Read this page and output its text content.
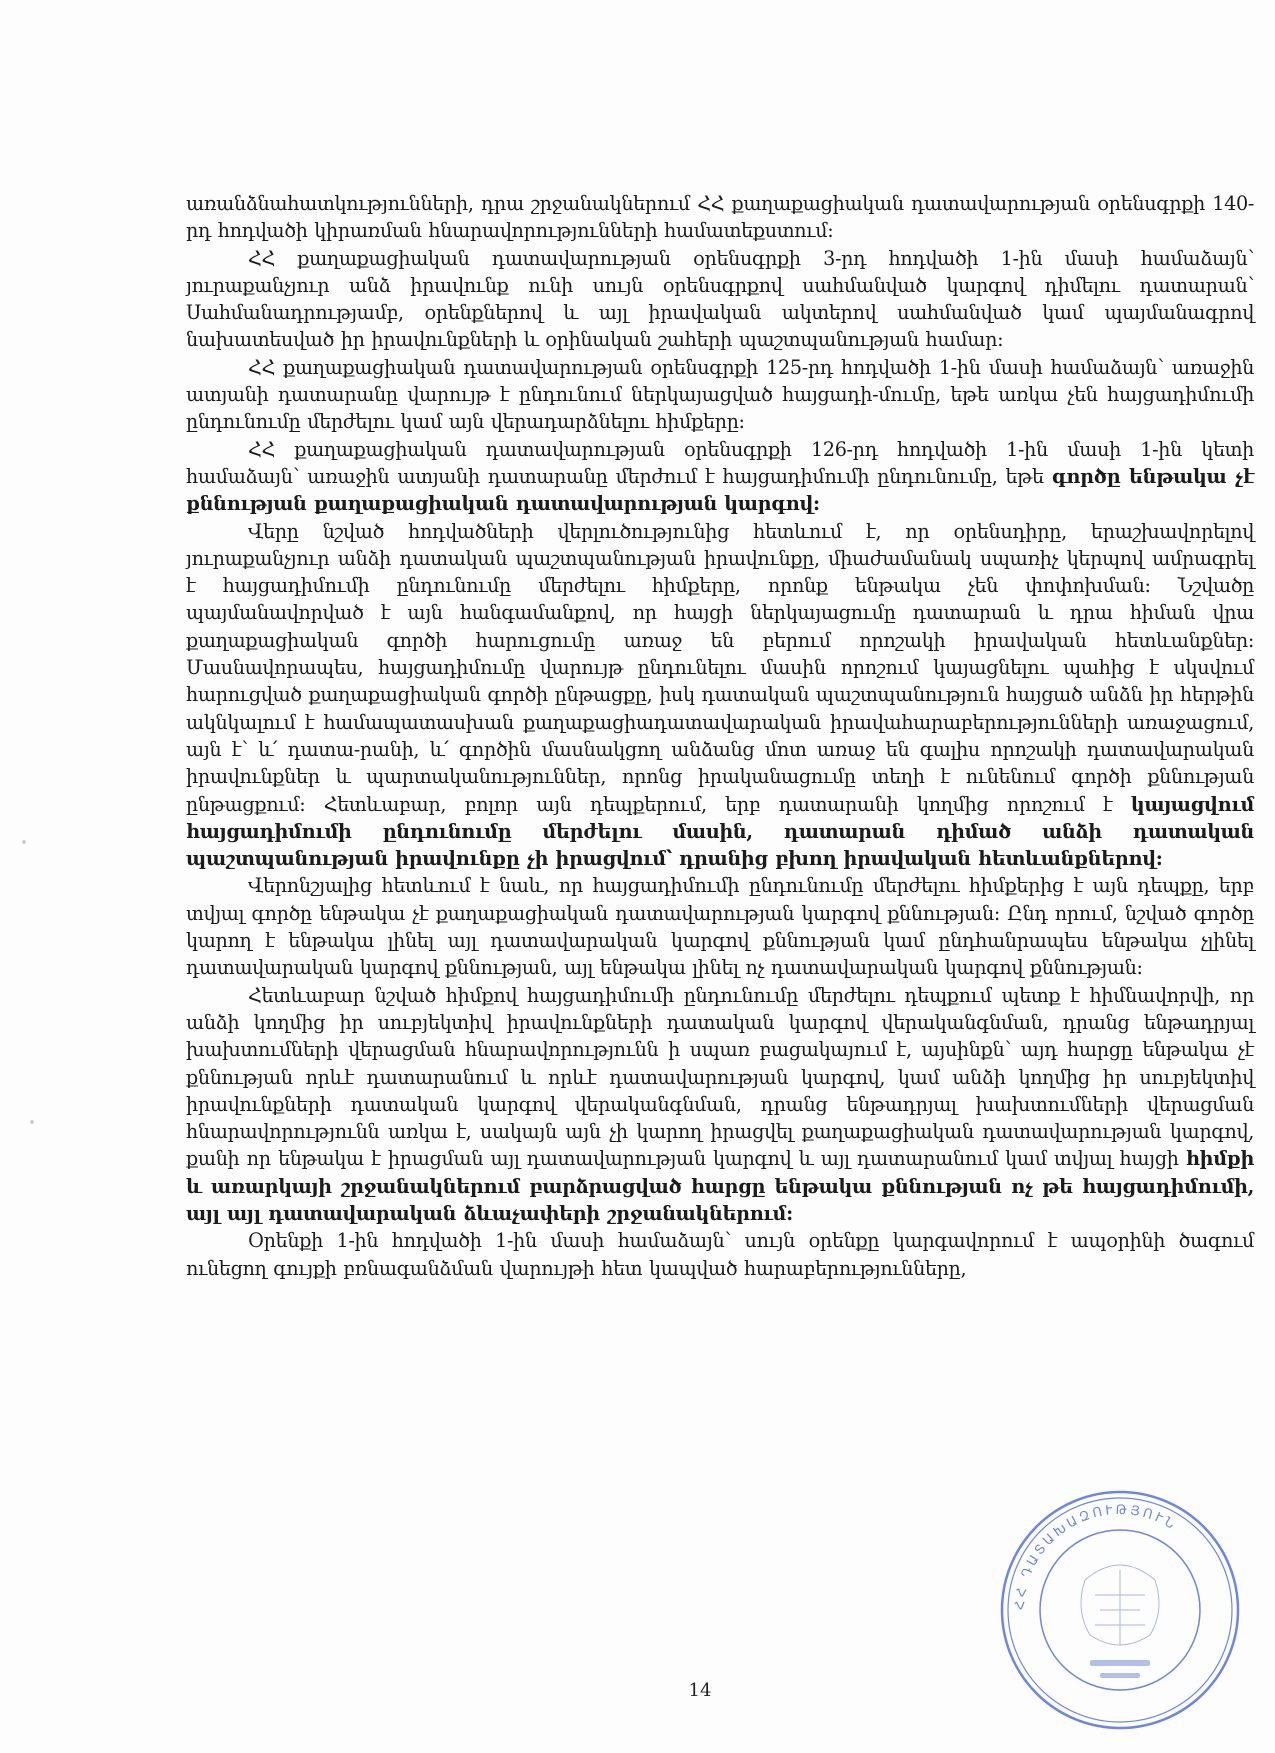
առանձնահատկությունների, դրա շրջանակներում ՀՀ քաղաքացիական դատավարության օրենսգրքի 140-րդ հոդվածի կիրառման հնարավորությունների համատեքստում:

ՀՀ քաղաքացիական դատավարության օրենսգրքի 3-րդ հոդվածի 1-ին մասի համաձայն՝ յուրաքանչյուր անձ իրավունք ունի սույն օրենսգրքով սահմանված կարգով դիմելու դատարան՝ Սահմանադրությամբ, օրենքներով և այլ իրավական ակտերով սահմանված կամ պայմանագրով նախատեսված իր իրավունքների և օրինական շահերի պաշտպանության համար:

ՀՀ քաղաքացիական դատավարության օրենսգրքի 125-րդ հոդվածի 1-ին մասի համաձայն՝ առաջին ատյանի դատարանը վարույթ է ընդունում ներկայացված հայցադի-մումը, եթե առկա չեն հայցադիմումի ընդունումը մերժելու կամ այն վերադարձնելու հիմքերը:

ՀՀ քաղաքացիական դատավարության օրենսգրքի 126-րդ հոդվածի 1-ին մասի 1-ին կետի համաձայն՝ առաջին ատյանի դատարանը մերժում է հայցադիմումի ընդունումը, եթե գործը ենթակա չէ քննության քաղաքացիական դատավարության կարգով:

Վերը նշված հոդվածների վերլուծությունից հետևում է, որ օրենսդիրը, երաշխավորելով յուրաքանչյուր անձի դատական պաշտպանության իրավունքը, միաժամանակ սպառիչ կերպով ամրագրել է հայցադիմումի ընդունումը մերժելու հիմքերը, որոնք ենթակա չեն փոփոխման: Նշվածը պայմանավորված է այն հանգամանքով, որ հայցի ներկայացումը դատարան և դրա հիման վրա քաղաքացիական գործի հարուցումը առաջ են բերում որոշակի իրավական հետևանքներ: Մասնավորապես, հայցադիմումը վարույթ ընդունելու մասին որոշում կայացնելու պահից է սկսվում հարուցված քաղաքացիական գործի ընթացքը, իսկ դատական պաշտպանություն հայցած անձն իր հերթին ակնկալում է համապատասխան քաղաքացիադատավարական իրավահարաբերությունների առաջացում, այն է՝ և՛ դատա-րանի, և՛ գործին մասնակցող անձանց մոտ առաջ են գալիս որոշակի դատավարական իրավունքներ և պարտականություններ, որոնց իրականացումը տեղի է ունենում գործի քննության ընթացքում: Հետևաբար, բոլոր այն դեպքերում, երբ դատարանի կողմից որոշում է կայացվում հայցադիմումի ընդունումը մերժելու մասին, դատարան դիմած անձի դատական պաշտպանության իրավունքը չի իրացվում՝ դրանից բխող իրավական հետևանքներով:

Վերոնշյալից հետևում է նաև, որ հայցադիմումի ընդունումը մերժելու հիմքերից է այն դեպքը, երբ տվյալ գործը ենթակա չէ քաղաքացիական դատավարության կարգով քննության: Ընդ որում, նշված գործը կարող է ենթակա լինել այլ դատավարական կարգով քննության կամ ընդհանրապես ենթակա չլինել դատավարական կարգով քննության, այլ ենթակա լինել ոչ դատավարական կարգով քննության:

Հետևաբար նշված հիմքով հայցադիմումի ընդունումը մերժելու դեպքում պետք է հիմնավորվի, որ անձի կողմից իր սուբյեկտիվ իրավունքների դատական կարգով վերականգնման, դրանց ենթադրյալ խախտումների վերացման հնարավորությունն ի սպառ բացակայում է, այսինքն՝ այդ հարցը ենթակա չէ քննության որևէ դատարանում և որևէ դատավարության կարգով, կամ անձի կողմից իր սուբյեկտիվ իրավունքների դատական կարգով վերականգնման, դրանց ենթադրյալ խախտումների վերացման հնարավորությունն առկա է, սակայն այն չի կարող իրացվել քաղաքացիական դատավարության կարգով, քանի որ ենթակա է իրացման այլ դատավարության կարգով և այլ դատարանում կամ տվյալ հայցի հիմքի և առարկայի շրջանակներում բարձրացված հարցը ենթակա քննության ոչ թե հայցադիմումի, այլ այլ դատավարական ձևաչափերի շրջանակներում:

Օրենքի 1-ին հոդվածի 1-ին մասի համաձայն՝ սույն օրենքը կարգավորում է ապօրինի ծագում ունեցող գույքի բռնագանձման վարույթի հետ կապված հարաբերությունները,

14
ՀՀ ԴԱՏԱԽԱԶՈՒԹՅՈՒՆ
